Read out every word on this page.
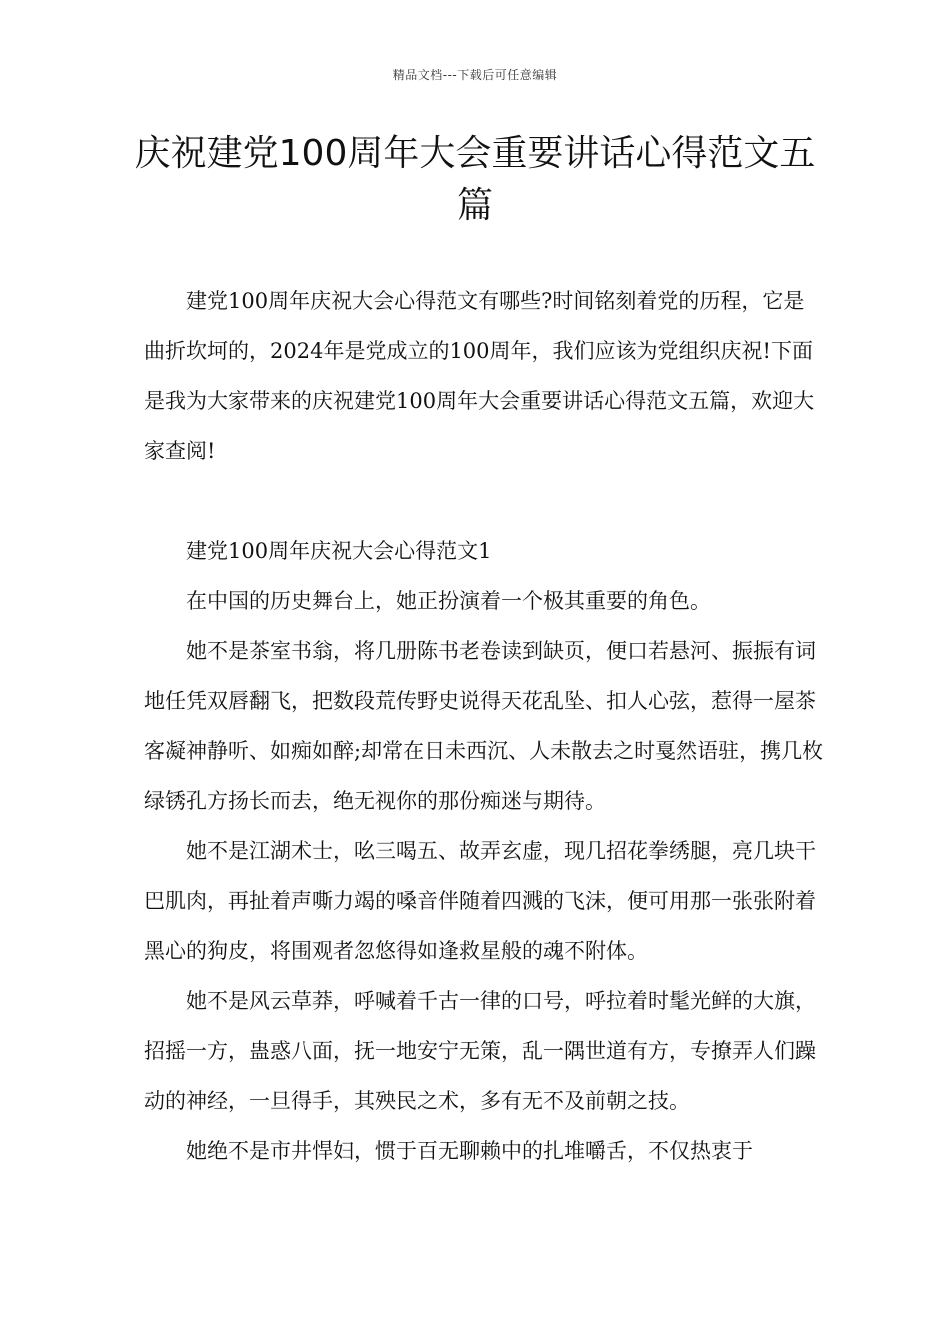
精品文档---下载后可任意编辑
庆祝建党100周年大会重要讲话心得范文五篇

建党100周年庆祝大会心得范文有哪些?时间铭刻着党的历程，它是曲折坎坷的，2024年是党成立的100周年，我们应该为党组织庆祝!下面是我为大家带来的庆祝建党100周年大会重要讲话心得范文五篇，欢迎大家查阅!

建党100周年庆祝大会心得范文1

在中国的历史舞台上，她正扮演着一个极其重要的角色。

她不是茶室书翁，将几册陈书老卷读到缺页，便口若悬河、振振有词地任凭双唇翻飞，把数段荒传野史说得天花乱坠、扣人心弦，惹得一屋茶客凝神静听、如痴如醉;却常在日未西沉、人未散去之时戛然语驻，携几枚绿锈孔方扬长而去，绝无视你的那份痴迷与期待。

她不是江湖术士，吆三喝五、故弄玄虚，现几招花拳绣腿，亮几块干巴肌肉，再扯着声嘶力竭的嗓音伴随着四溅的飞沫，便可用那一张张附着黑心的狗皮，将围观者忽悠得如逢救星般的魂不附体。

她不是风云草莽，呼喊着千古一律的口号，呼拉着时髦光鲜的大旗，招摇一方，蛊惑八面，抚一地安宁无策，乱一隅世道有方，专撩弄人们躁动的神经，一旦得手，其殃民之术，多有无不及前朝之技。

她绝不是市井悍妇，惯于百无聊赖中的扎堆嚼舌，不仅热衷于
